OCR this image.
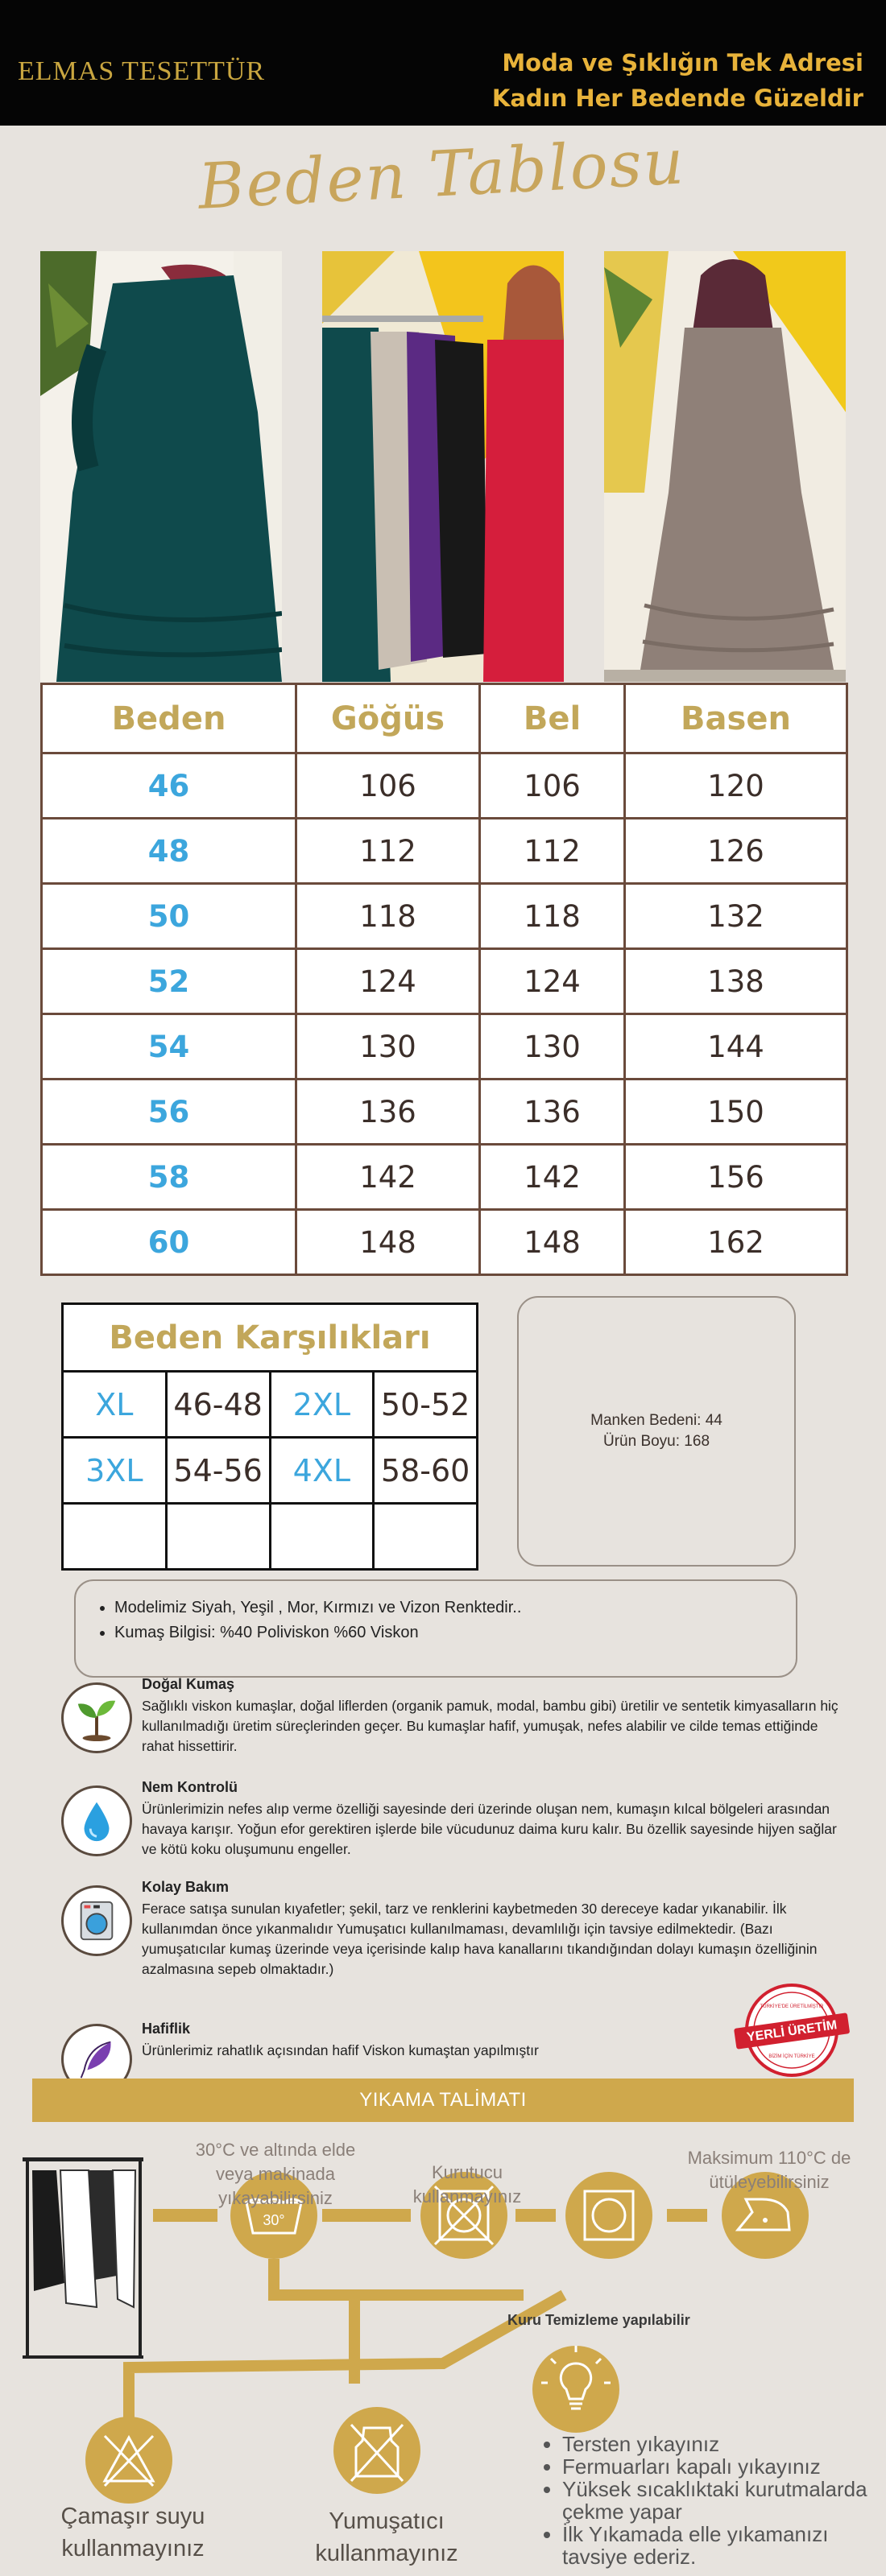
ELMAS TESETTÜR	Moda ve Şıklığın Tek Adresi
Kadın Her Bedende Güzeldir
Beden Tablosu
Beden	Göğüs	Bel	Basen
46	106	106	120
48	112	112	126
50	118	118	132
52	124	124	138
54	130	130	144
56	136	136	150
58	142	142	156
60	148	148	162
Beden Karşılıkları			
XL	46-48	2XL	50-52
3XL	54-56	4XL	58-60

Manken Bedeni: 44
Ürün Boyu: 168
• Modelimiz Siyah, Yeşil , Mor, Kırmızı ve Vizon Renktedir..
• Kumaş Bilgisi: %40 Poliviskon %60 Viskon
Doğal Kumaş

Sağlıklı viskon kumaşlar, doğal liflerden (organik pamuk, modal, bambu gibi) üretilir ve sentetik kimyasalların hiç kullanılmadığı üretim süreçlerinden geçer. Bu kumaşlar hafif, yumuşak, nefes alabilir ve cilde temas ettiğinde rahat hissettirir.

Nem Kontrolü

Ürünlerimizin nefes alıp verme özelliği sayesinde deri üzerinde oluşan nem, kumaşın kılcal bölgeleri arasından havaya karışır. Yoğun efor gerektiren işlerde bile vücudunuz daima kuru kalır. Bu özellik sayesinde hijyen sağlar ve kötü koku oluşumunu engeller.

Kolay Bakım

Ferace satışa sunulan kıyafetler; şekil, tarz ve renklerini kaybetmeden 30 dereceye kadar yıkanabilir. İlk kullanımdan önce yıkanmalıdır Yumuşatıcı kullanılmaması, devamlılığı için tavsiye edilmektedir. (Bazı yumuşatıcılar kumaş üzerinde veya içerisinde kalıp hava kanallarını tıkandığından dolayı kumaşın özelliğinin azalmasına sepeb olmaktadır.)

Hafiflik

Ürünlerimiz rahatlık açısından hafif Viskon kumaştan yapılmıştır

TÜRKİYE'DE ÜRETİLMİŞTİR
YERLİ ÜRETİM
BİZİM İÇİN TÜRKİYE
YIKAMA TALİMATI
30°
30°C ve altında elde veya makinada yıkayabilirsiniz
Kurutucu kullanmayınız
Maksimum 110°C de ütüleyebilirsiniz
Kuru Temizleme yapılabilir
Çamaşır suyu kullanmayınız
Yumuşatıcı kullanmayınız
• Tersten yıkayınız
• Fermuarları kapalı yıkayınız
• Yüksek sıcaklıktaki kurutmalarda çekme yapar
• İlk Yıkamada elle yıkamanızı tavsiye ederiz.
